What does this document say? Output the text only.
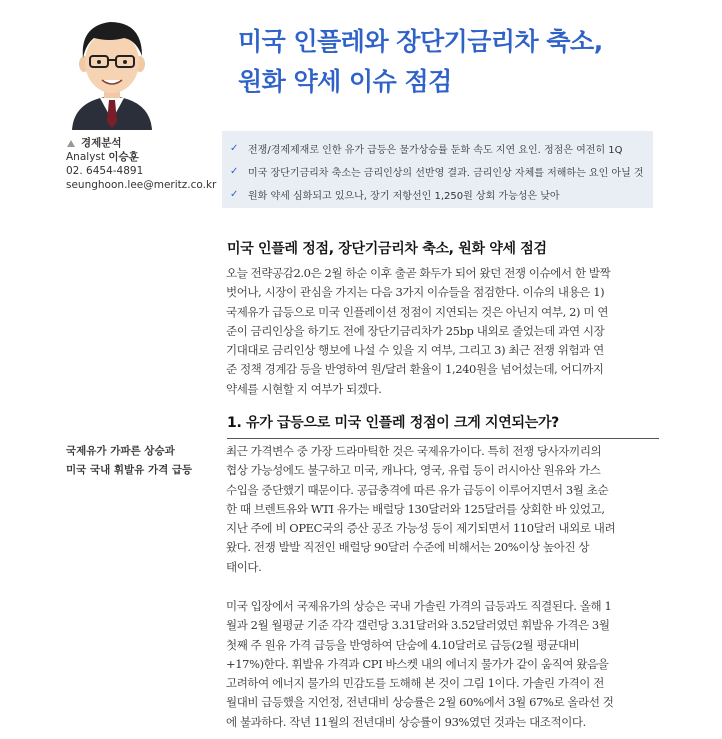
미국 인플레와 장단기금리차 축소,
원화 약세 이슈 점검
경제분석
Analyst 이승훈
02. 6454-4891
seunghoon.lee@meritz.co.kr
✓ 전쟁/경제제재로 인한 유가 급등은 물가상승률 둔화 속도 지연 요인. 정점은 여전히 1Q
✓ 미국 장단기금리차 축소는 금리인상의 선반영 결과. 금리인상 자체를 저해하는 요인 아닐 것
✓ 원화 약세 심화되고 있으나, 장기 저항선인 1,250원 상회 가능성은 낮아
미국 인플레 정점, 장단기금리차 축소, 원화 약세 점검
오늘 전략공감2.0은 2월 하순 이후 출곧 화두가 되어 왔던 전쟁 이슈에서 한 발짝
벗어나, 시장이 관심을 가지는 다음 3가지 이슈들을 점검한다. 이슈의 내용은 1)
국제유가 급등으로 미국 인플레이션 정점이 지연되는 것은 아닌지 여부, 2) 미 연
준이 금리인상을 하기도 전에 장단기금리차가 25bp 내외로 줄었는데 과연 시장
기대대로 금리인상 행보에 나설 수 있을 지 여부, 그리고 3) 최근 전쟁 위험과 연
준 정책 경계감 등을 반영하여 원/달러 환율이 1,240원을 넘어섰는데, 어디까지
약세를 시현할 지 여부가 되겠다.
1. 유가 급등으로 미국 인플레 정점이 크게 지연되는가?
국제유가 가파른 상승과
미국 국내 휘발유 가격 급등
최근 가격변수 중 가장 드라마틱한 것은 국제유가이다. 특히 전쟁 당사자끼리의
협상 가능성에도 불구하고 미국, 캐나다, 영국, 유럽 등이 러시아산 원유와 가스
수입을 중단했기 때문이다. 공급충격에 따른 유가 급등이 이루어지면서 3월 초순
한 때 브렌트유와 WTI 유가는 배럴당 130달러와 125달러를 상회한 바 있었고,
지난 주에 비 OPEC국의 증산 공조 가능성 등이 제기되면서 110달러 내외로 내려
왔다. 전쟁 발발 직전인 배럴당 90달러 수준에 비해서는 20%이상 높아진 상
태이다.
미국 입장에서 국제유가의 상승은 국내 가솔린 가격의 급등과도 직결된다. 올해 1
월과 2월 월평균 기준 각각 갤런당 3.31달러와 3.52달러였던 휘발유 가격은 3월
첫째 주 원유 가격 급등을 반영하여 단숨에 4.10달러로 급등(2월 평균대비
+17%)한다. 휘발유 가격과 CPI 바스켓 내의 에너지 물가가 같이 움직여 왔음을
고려하여 에너지 물가의 민감도를 도해해 본 것이 그림 1이다. 가솔린 가격이 전
월대비 급등했을 지언정, 전년대비 상승률은 2월 60%에서 3월 67%로 올라선 것
에 불과하다. 작년 11월의 전년대비 상승률이 93%였던 것과는 대조적이다.
